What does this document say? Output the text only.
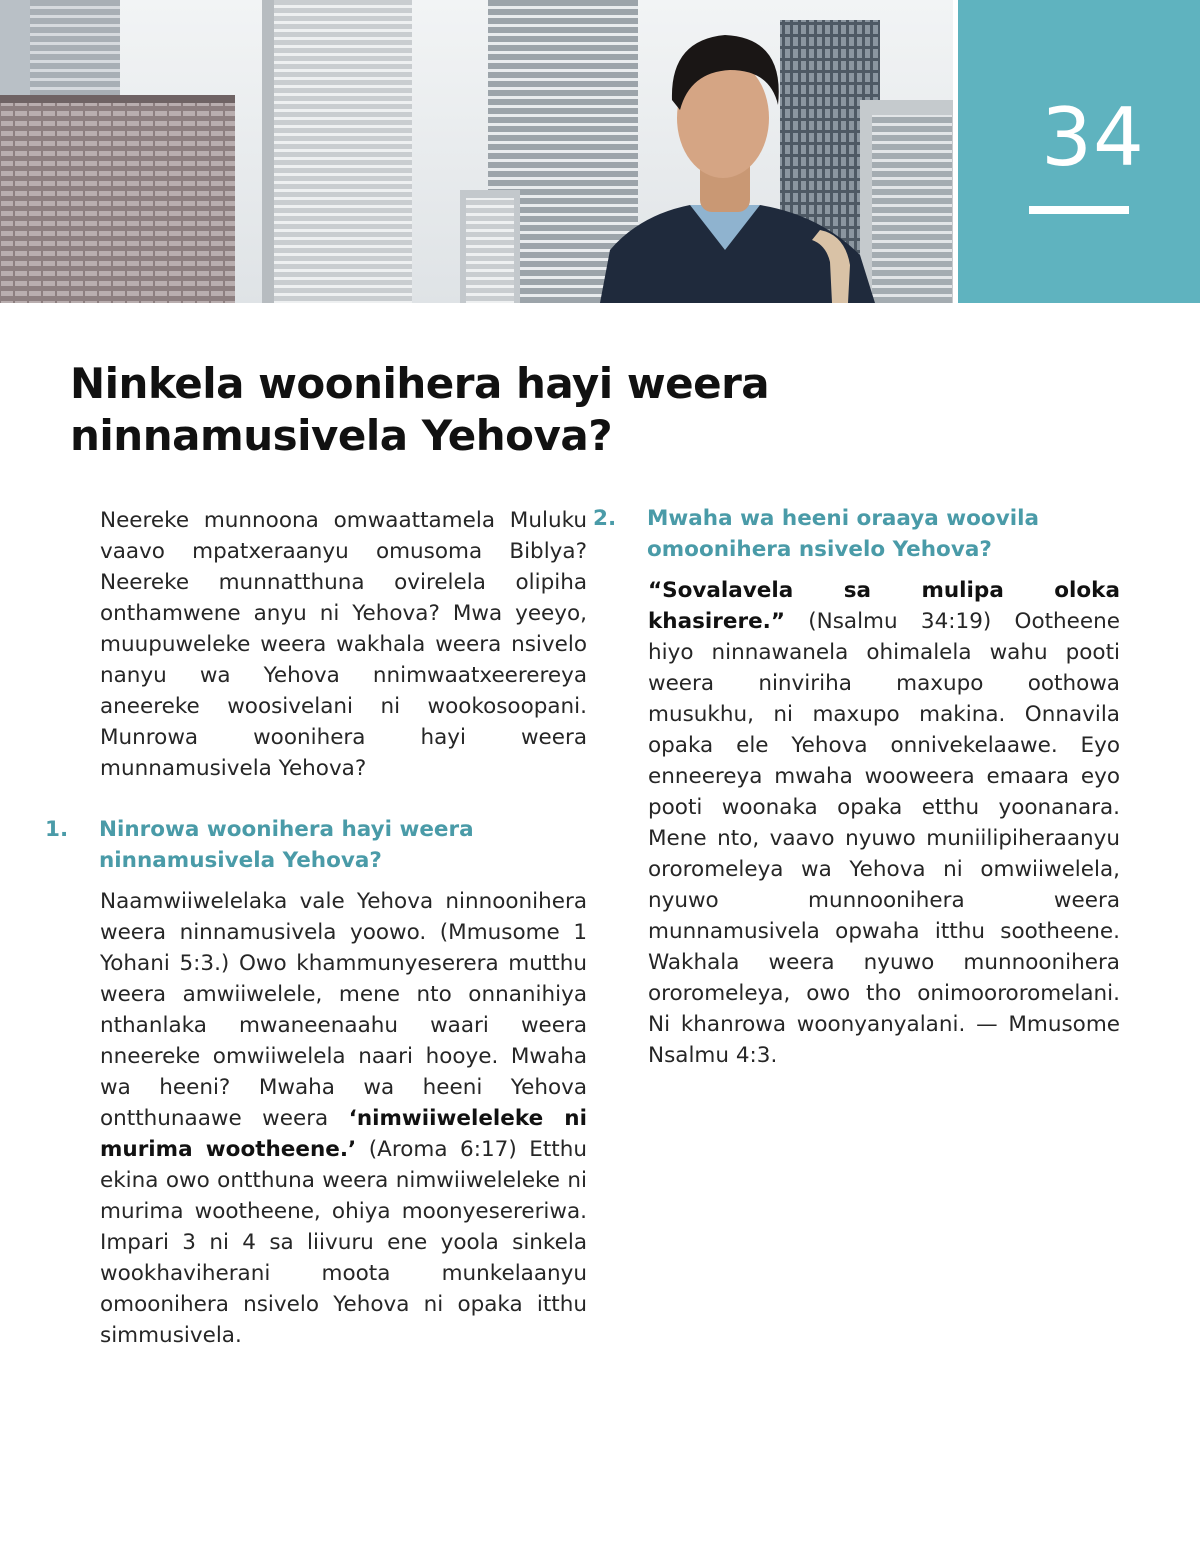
34
Ninkela woonihera hayi weera
ninnamusivela Yehova?

Neereke munnoona omwaattamela Muluku vaavo mpatxeraanyu omusoma Biblya? Neereke munnatthuna ovirelela olipiha onthamwene anyu ni Yehova? Mwa yeeyo, muupuweleke weera wakhala weera nsivelo nanyu wa Yehova nnimwaatxeerereya aneereke woosivelani ni wookosoopani. Munrowa woonihera hayi weera munnamusivela Yehova?

1. Ninrowa woonihera hayi weera ninnamusivela Yehova?

Naamwiiwelelaka vale Yehova ninnoonihera weera ninnamusivela yoowo. (Mmusome 1 Yohani 5:3.) Owo khammunyeserera mutthu weera amwiiwelele, mene nto onnanihiya nthanlaka mwaneenaahu waari weera nneereke omwiiwelela naari hooye. Mwaha wa heeni? Mwaha wa heeni Yehova ontthunaawe weera ‘nimwiiweleleke ni murima wootheene.’ (Aroma 6:17) Etthu ekina owo ontthuna weera nimwiiweleleke ni murima wootheene, ohiya moonyesereriwa. Impari 3 ni 4 sa liivuru ene yoola sinkela wookhaviherani moota munkelaanyu omoonihera nsivelo Yehova ni opaka itthu simmusivela.

2. Mwaha wa heeni oraaya woovila omoonihera nsivelo Yehova?

“Sovalavela sa mulipa oloka khasirere.” (Nsalmu 34:19) Ootheene hiyo ninnawanela ohimalela wahu pooti weera ninviriha maxupo oothowa musukhu, ni maxupo makina. Onnavila opaka ele Yehova onnivekelaawe. Eyo enneereya mwaha wooweera emaara eyo pooti woonaka opaka etthu yoonanara. Mene nto, vaavo nyuwo muniilipiheraanyu ororomeleya wa Yehova ni omwiiwelela, nyuwo munnoonihera weera munnamusivela opwaha itthu sootheene. Wakhala weera nyuwo munnoonihera ororomeleya, owo tho onimoororomelani. Ni khanrowa woonyanyalani. — Mmusome Nsalmu 4:3.
